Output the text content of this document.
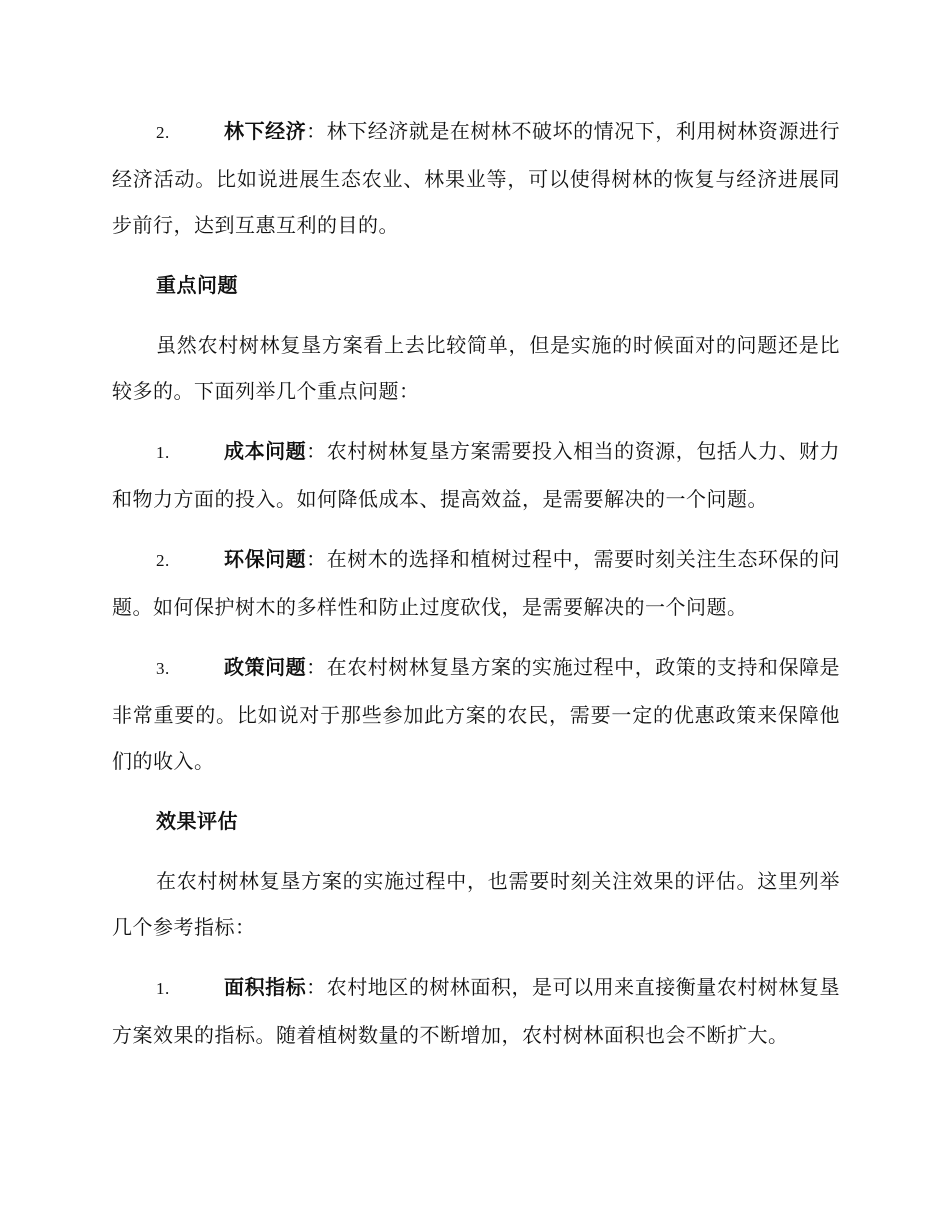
2.	林下经济：林下经济就是在树林不破坏的情况下，利用树林资源进行经济活动。比如说进展生态农业、林果业等，可以使得树林的恢复与经济进展同步前行，达到互惠互利的目的。

重点问题

虽然农村树林复垦方案看上去比较简单，但是实施的时候面对的问题还是比较多的。下面列举几个重点问题：

1.	成本问题：农村树林复垦方案需要投入相当的资源，包括人力、财力和物力方面的投入。如何降低成本、提高效益，是需要解决的一个问题。

2.	环保问题：在树木的选择和植树过程中，需要时刻关注生态环保的问题。如何保护树木的多样性和防止过度砍伐，是需要解决的一个问题。

3.	政策问题：在农村树林复垦方案的实施过程中，政策的支持和保障是非常重要的。比如说对于那些参加此方案的农民，需要一定的优惠政策来保障他们的收入。

效果评估

在农村树林复垦方案的实施过程中，也需要时刻关注效果的评估。这里列举几个参考指标：

1.	面积指标：农村地区的树林面积，是可以用来直接衡量农村树林复垦方案效果的指标。随着植树数量的不断增加，农村树林面积也会不断扩大。
